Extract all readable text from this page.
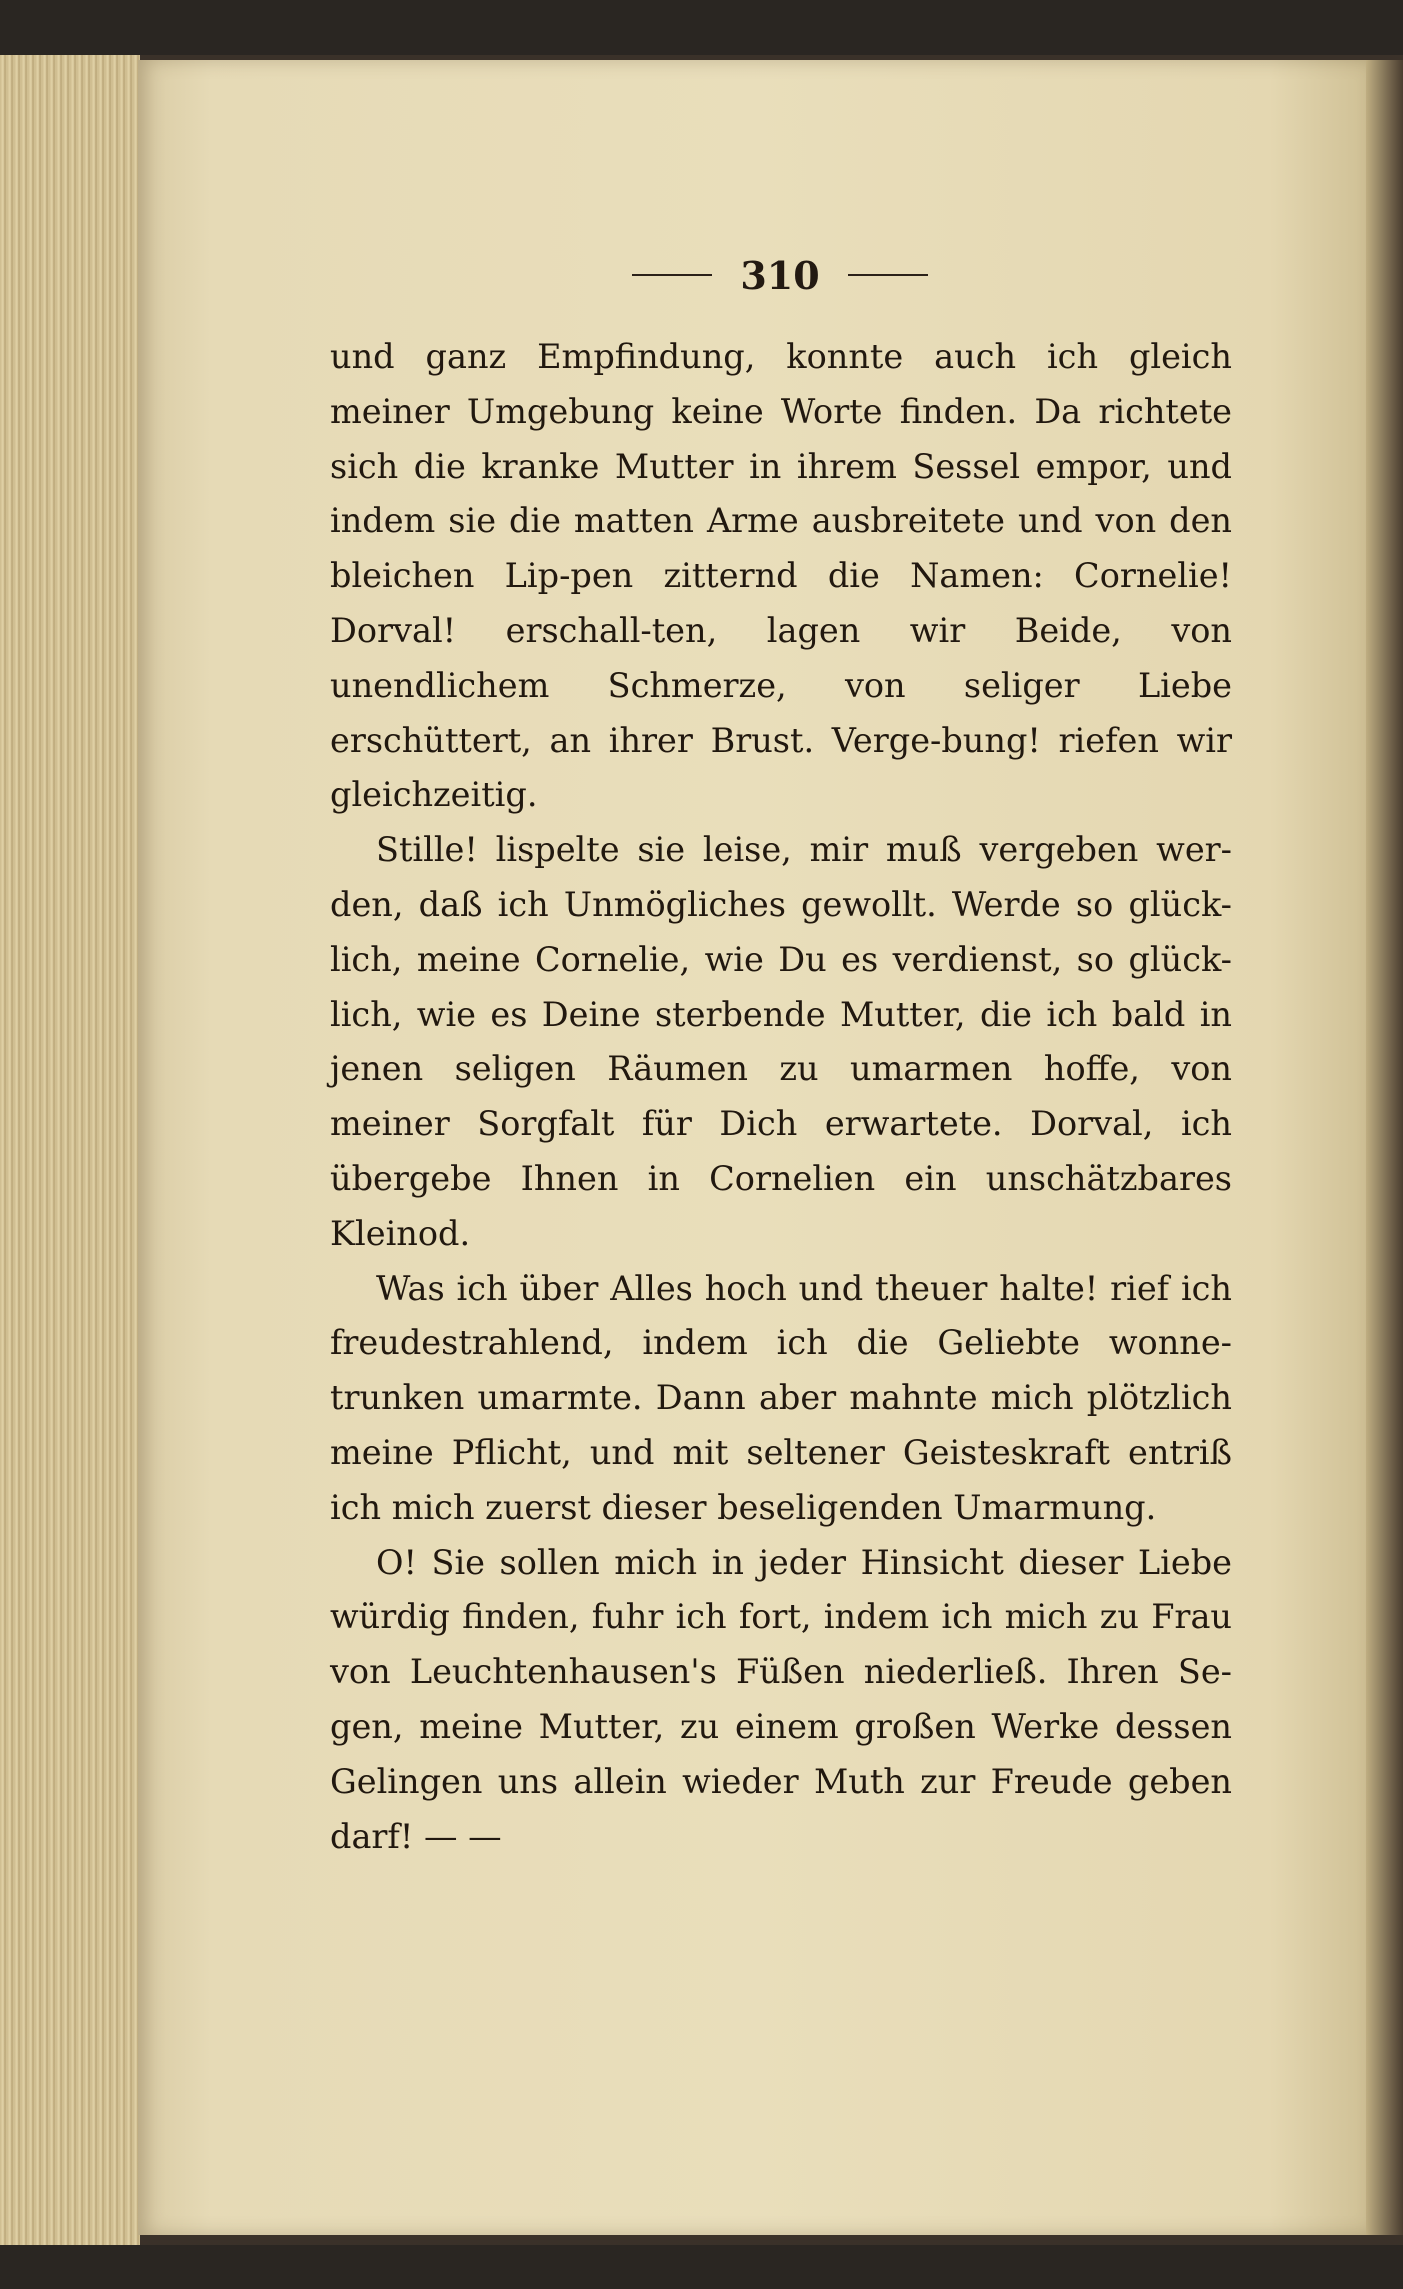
310

und ganz Empfindung, konnte auch ich gleich meiner Umgebung keine Worte finden. Da richtete sich die kranke Mutter in ihrem Sessel empor, und indem sie die matten Arme ausbreitete und von den bleichen Lip-pen zitternd die Namen: Cornelie! Dorval! erschall-ten, lagen wir Beide, von unendlichem Schmerze, von seliger Liebe erschüttert, an ihrer Brust. Verge-bung! riefen wir gleichzeitig.

Stille! lispelte sie leise, mir muß vergeben wer-den, daß ich Unmögliches gewollt. Werde so glück-lich, meine Cornelie, wie Du es verdienst, so glück-lich, wie es Deine sterbende Mutter, die ich bald in jenen seligen Räumen zu umarmen hoffe, von meiner Sorgfalt für Dich erwartete. Dorval, ich übergebe Ihnen in Cornelien ein unschätzbares Kleinod.

Was ich über Alles hoch und theuer halte! rief ich freudestrahlend, indem ich die Geliebte wonne-trunken umarmte. Dann aber mahnte mich plötzlich meine Pflicht, und mit seltener Geisteskraft entriß ich mich zuerst dieser beseligenden Umarmung.

O! Sie sollen mich in jeder Hinsicht dieser Liebe würdig finden, fuhr ich fort, indem ich mich zu Frau von Leuchtenhausen's Füßen niederließ. Ihren Se-gen, meine Mutter, zu einem großen Werke dessen Gelingen uns allein wieder Muth zur Freude geben darf! — —
